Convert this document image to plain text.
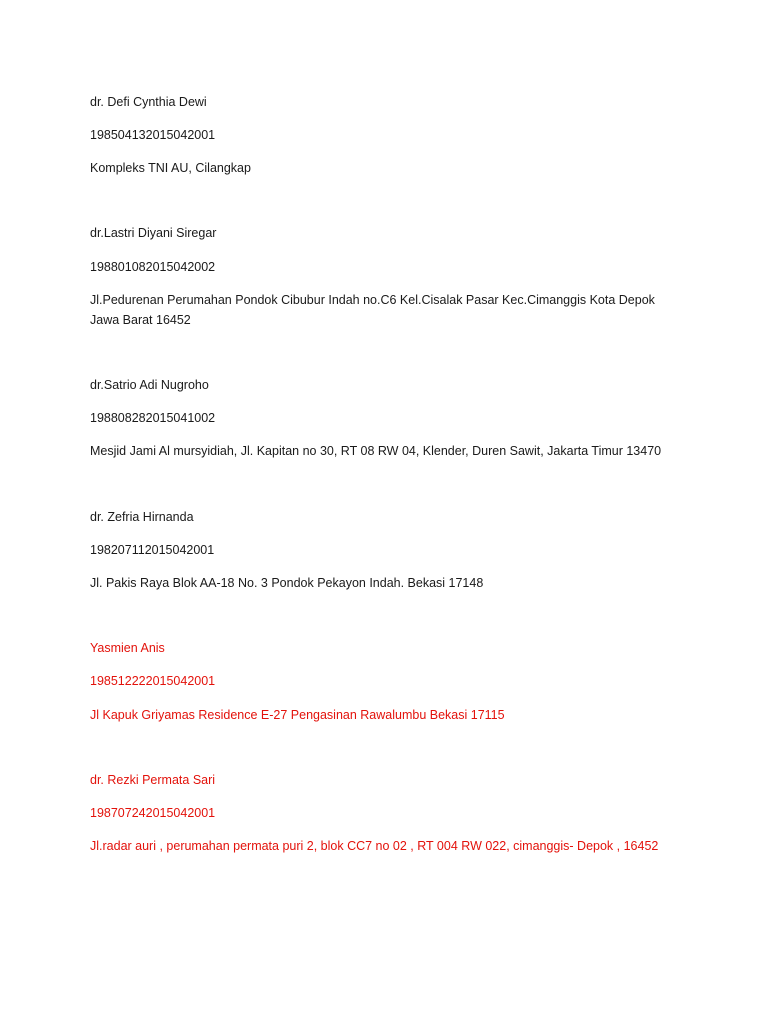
dr. Defi Cynthia Dewi
198504132015042001
Kompleks TNI AU, Cilangkap
dr.Lastri Diyani Siregar
198801082015042002
Jl.Pedurenan Perumahan Pondok Cibubur Indah no.C6 Kel.Cisalak Pasar Kec.Cimanggis Kota Depok Jawa Barat 16452
dr.Satrio Adi Nugroho
198808282015041002
Mesjid Jami Al mursyidiah, Jl. Kapitan no 30, RT 08 RW 04, Klender, Duren Sawit, Jakarta Timur 13470
dr. Zefria Hirnanda
198207112015042001
Jl. Pakis Raya Blok AA-18 No. 3 Pondok Pekayon Indah. Bekasi 17148
Yasmien Anis
198512222015042001
Jl Kapuk Griyamas Residence E-27 Pengasinan Rawalumbu Bekasi 17115
dr. Rezki Permata Sari
198707242015042001
Jl.radar auri , perumahan permata puri 2, blok CC7 no 02 , RT 004 RW 022, cimanggis- Depok , 16452
